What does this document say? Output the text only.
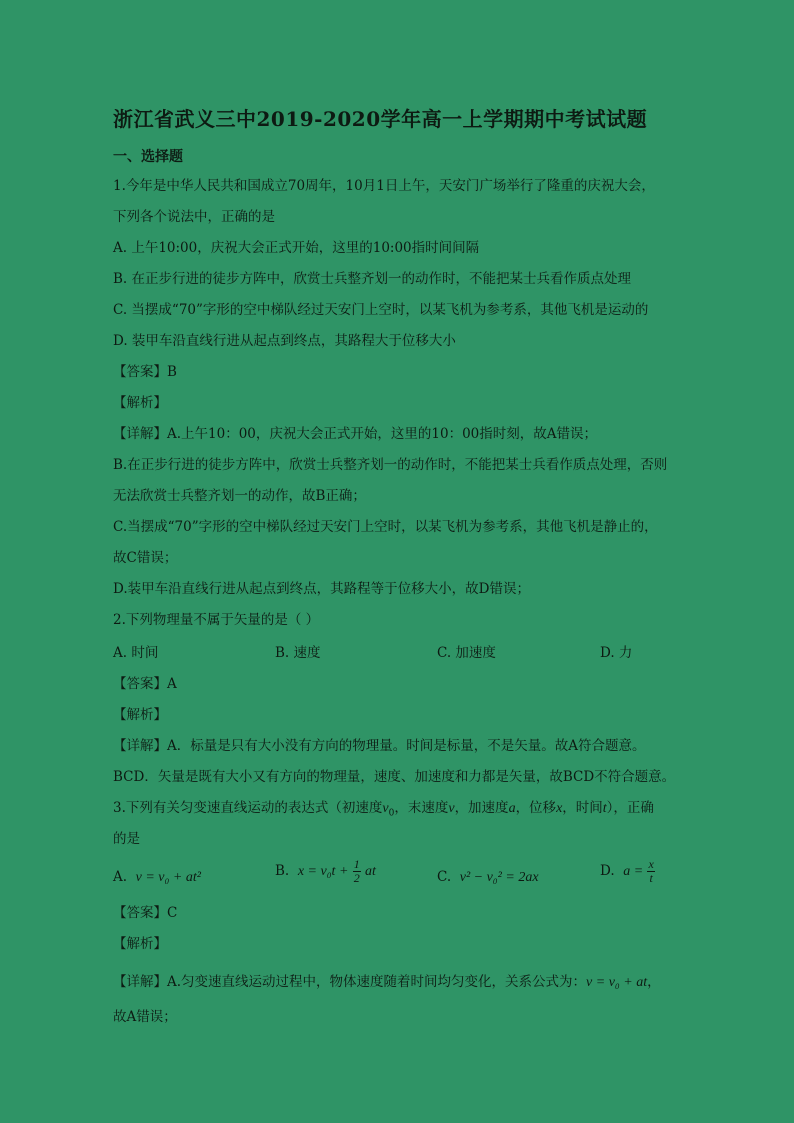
浙江省武义三中2019-2020学年高一上学期期中考试试题
一、选择题
1.今年是中华人民共和国成立70周年，10月1日上午，天安门广场举行了隆重的庆祝大会，
下列各个说法中，正确的是
A. 上午10:00，庆祝大会正式开始，这里的10:00指时间间隔
B. 在正步行进的徒步方阵中，欣赏士兵整齐划一的动作时，不能把某士兵看作质点处理
C. 当摆成“70”字形的空中梯队经过天安门上空时，以某飞机为参考系，其他飞机是运动的
D. 装甲车沿直线行进从起点到终点，其路程大于位移大小
【答案】B
【解析】
【详解】A.上午10：00，庆祝大会正式开始，这里的10：00指时刻，故A错误；
B.在正步行进的徒步方阵中，欣赏士兵整齐划一的动作时，不能把某士兵看作质点处理，否则
无法欣赏士兵整齐划一的动作，故B正确；
C.当摆成“70”字形的空中梯队经过天安门上空时，以某飞机为参考系，其他飞机是静止的，
故C错误；
D.装甲车沿直线行进从起点到终点，其路程等于位移大小，故D错误；
2.下列物理量不属于矢量的是（ ）
A. 时间	B. 速度	C. 加速度	D. 力
【答案】A
【解析】
【详解】A．标量是只有大小没有方向的物理量。时间是标量，不是矢量。故A符合题意。
BCD．矢量是既有大小又有方向的物理量，速度、加速度和力都是矢量，故BCD不符合题意。
3.下列有关匀变速直线运动的表达式（初速度$v_0$，末速度v，加速度a，位移x，时间t），正确
的是
A. v = v₀ + at²	B. $x = v_0t + \frac{1}{2}$ at	C. v² − v₀² = 2ax	D. $a = \frac{x}{t}$
【答案】C
【解析】
【详解】A.匀变速直线运动过程中，物体速度随着时间均匀变化，关系公式为：v = v₀ + at，
故A错误；
